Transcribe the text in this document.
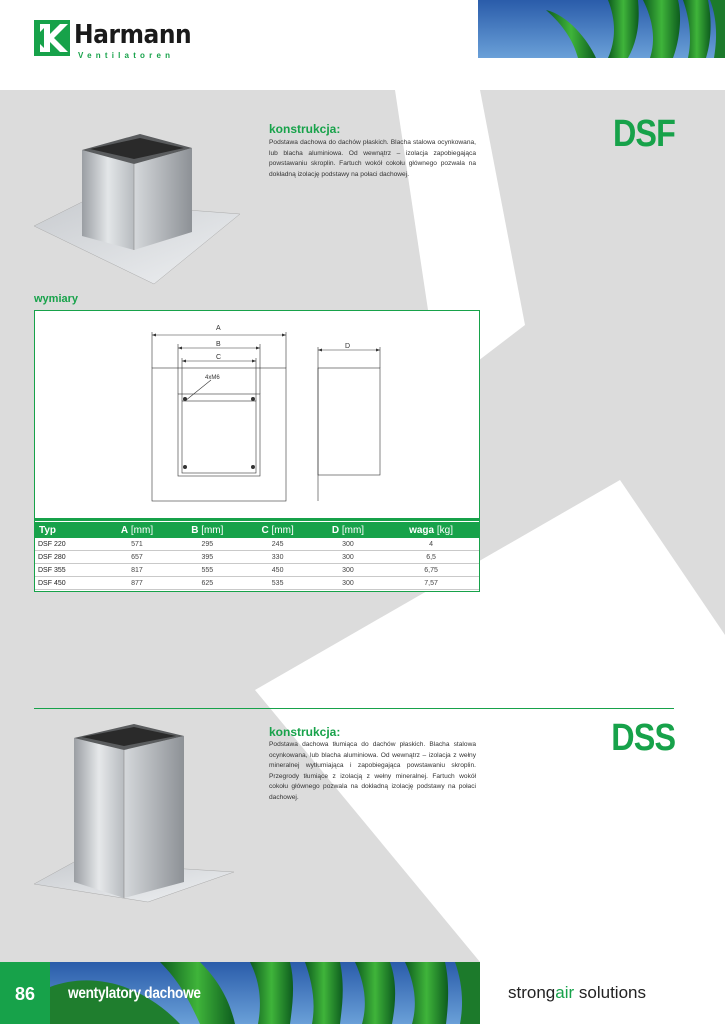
Harmann
Ventilatoren
konstrukcja:
Podstawa dachowa do dachów płaskich. Blacha stalowa ocynkowana, lub blacha aluminiowa. Od wewnątrz – izolacja zapobiegająca powstawaniu skroplin. Fartuch wokół cokołu głównego pozwala na dokładną izolację podstawy na połaci dachowej.
DSF
wymiary
A
B
C
D
4xM6
Typ	A [mm]	B [mm]	C [mm]	D [mm]	waga [kg]
DSF 220	571	295	245	300	4
DSF 280	657	395	330	300	6,5
DSF 355	817	555	450	300	6,75
DSF 450	877	625	535	300	7,57
konstrukcja:
Podstawa dachowa tłumiąca do dachów płaskich. Blacha stalowa ocynkowana, lub blacha aluminiowa. Od wewnątrz – izolacja z wełny mineralnej wytłumiająca i zapobiegająca powstawaniu skroplin. Przegrody tłumiące z izolacją z wełny mineralnej. Fartuch wokół cokołu głównego pozwala na dokładną izolację podstawy na połaci dachowej.
DSS
86	wentylatory dachowe	strongair solutions
